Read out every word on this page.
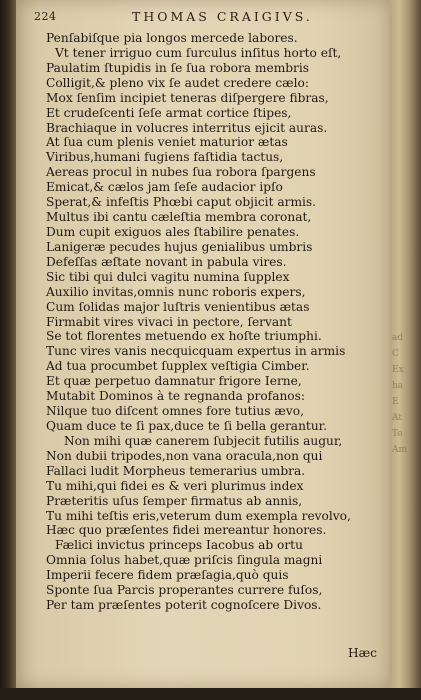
224	THOMAS CRAIGIVS.
Penſabiſque pia longos mercede labores.
Vt tener irriguo cum ſurculus inſitus horto eſt,
Paulatim ſtupidis in ſe ſua robora membris
Colligit,& pleno vix ſe audet credere cælo:
Mox ſenſim incipiet teneras diſpergere fibras,
Et crudeſcenti ſeſe armat cortice ſtipes,
Brachiaque in volucres interritus ejicit auras.
At ſua cum plenis veniet maturior ætas
Viribus,humani fugiens faſtidia tactus,
Aereas procul in nubes ſua robora ſpargens
Emicat,& cælos jam ſeſe audacior ipſo
Sperat,& infeſtis Phœbi caput objicit armis.
Multus ibi cantu cæleſtia membra coronat,
Dum cupit exiguos ales ſtabilire penates.
Lanigeræ pecudes hujus genialibus umbris
Defeſſas æſtate novant in pabula vires.
Sic tibi qui dulci vagitu numina ſupplex
Auxilio invitas,omnis nunc roboris expers,
Cum ſolidas major luſtris venientibus ætas
Firmabit vires vivaci in pectore, ſervant
Se tot florentes metuendo ex hoſte triumphi.
Tunc vires vanis necquicquam expertus in armis
Ad tua procumbet ſupplex veſtigia Cimber.
Et quæ perpetuo damnatur frigore Ierne,
Mutabit Dominos à te regnanda profanos:
Nilque tuo diſcent omnes fore tutius ævo,
Quam duce te ſi pax,duce te ſi bella gerantur.
Non mihi quæ canerem ſubjecit futilis augur,
Non dubii tripodes,non vana oracula,non qui
Fallaci ludit Morpheus temerarius umbra.
Tu mihi,qui fidei es & veri plurimus index
Præteritis uſus ſemper firmatus ab annis,
Tu mihi teſtis eris,veterum dum exempla revolvo,
Hæc quo præſentes fidei mereantur honores.
Fælici invictus princeps Iacobus ab ortu
Omnia ſolus habet,quæ priſcis ſingula magni
Imperii fecere fidem præſagia,quò quis
Sponte ſua Parcis properantes currere fuſos,
Per tam præſentes poterit cognoſcere Divos.
Hæc
ad
C
Ex
ha
E
At
Te
Am
